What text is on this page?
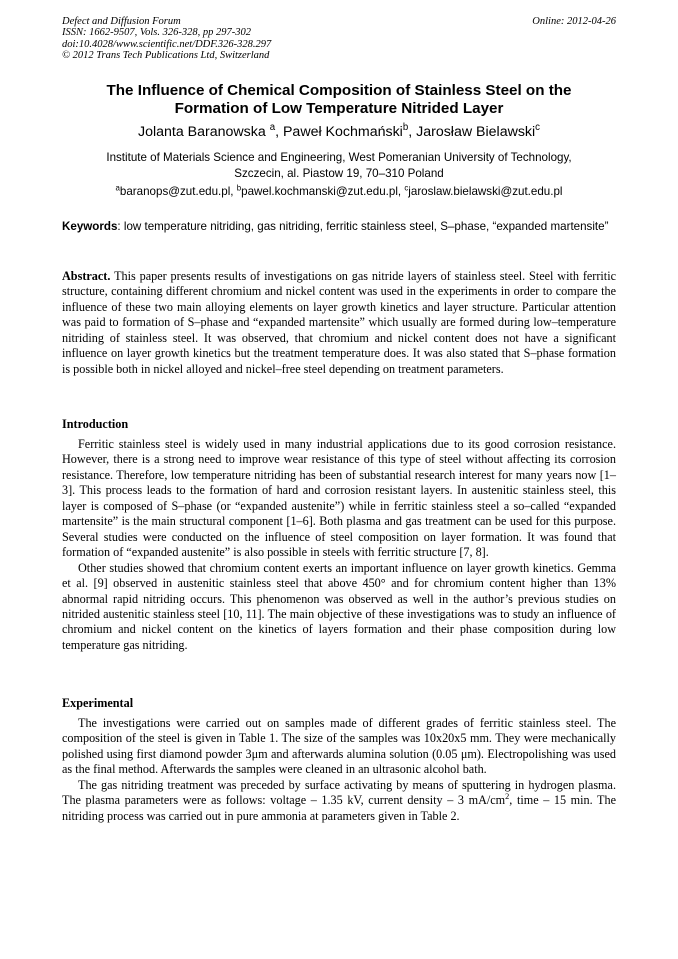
Defect and Diffusion Forum
ISSN: 1662-9507, Vols. 326-328, pp 297-302
doi:10.4028/www.scientific.net/DDF.326-328.297
© 2012 Trans Tech Publications Ltd, Switzerland
Online: 2012-04-26
The Influence of Chemical Composition of Stainless Steel on the
Formation of Low Temperature Nitrided Layer
Jolanta Baranowska $^a$, Paweł Kochmański$^b$, Jarosław Bielawski$^c$
Institute of Materials Science and Engineering, West Pomeranian University of Technology,
Szczecin, al. Piastow 19, 70–310 Poland
$^a$baranops@zut.edu.pl, $^b$pawel.kochmanski@zut.edu.pl, $^c$jaroslaw.bielawski@zut.edu.pl
Keywords: low temperature nitriding, gas nitriding, ferritic stainless steel, S–phase, “expanded martensite”

Abstract. This paper presents results of investigations on gas nitride layers of stainless steel. Steel with ferritic structure, containing different chromium and nickel content was used in the experiments in order to compare the influence of these two main alloying elements on layer growth kinetics and layer structure. Particular attention was paid to formation of S–phase and “expanded martensite” which usually are formed during low–temperature nitriding of stainless steel. It was observed, that chromium and nickel content does not have a significant influence on layer growth kinetics but the treatment temperature does. It was also stated that S–phase formation is possible both in nickel alloyed and nickel–free steel depending on treatment parameters.

Introduction

Ferritic stainless steel is widely used in many industrial applications due to its good corrosion resistance. However, there is a strong need to improve wear resistance of this type of steel without affecting its corrosion resistance. Therefore, low temperature nitriding has been of substantial research interest for many years now [1–3]. This process leads to the formation of hard and corrosion resistant layers. In austenitic stainless steel, this layer is composed of S–phase (or “expanded austenite”) while in ferritic stainless steel a so–called “expanded martensite” is the main structural component [1–6]. Both plasma and gas treatment can be used for this purpose. Several studies were conducted on the influence of steel composition on layer formation. It was found that formation of “expanded austenite” is also possible in steels with ferritic structure [7, 8].

Other studies showed that chromium content exerts an important influence on layer growth kinetics. Gemma et al. [9] observed in austenitic stainless steel that above 450° and for chromium content higher than 13% abnormal rapid nitriding occurs. This phenomenon was observed as well in the author’s previous studies on nitrided austenitic stainless steel [10, 11]. The main objective of these investigations was to study an influence of chromium and nickel content on the kinetics of layers formation and their phase composition during low temperature gas nitriding.

Experimental

The investigations were carried out on samples made of different grades of ferritic stainless steel. The composition of the steel is given in Table 1. The size of the samples was 10x20x5 mm. They were mechanically polished using first diamond powder 3μm and afterwards alumina solution (0.05 μm). Electropolishing was used as the final method. Afterwards the samples were cleaned in an ultrasonic alcohol bath.

The gas nitriding treatment was preceded by surface activating by means of sputtering in hydrogen plasma. The plasma parameters were as follows: voltage – 1.35 kV, current density – 3 $mA/cm^2$, time – 15 min. The nitriding process was carried out in pure ammonia at parameters given in Table 2.
